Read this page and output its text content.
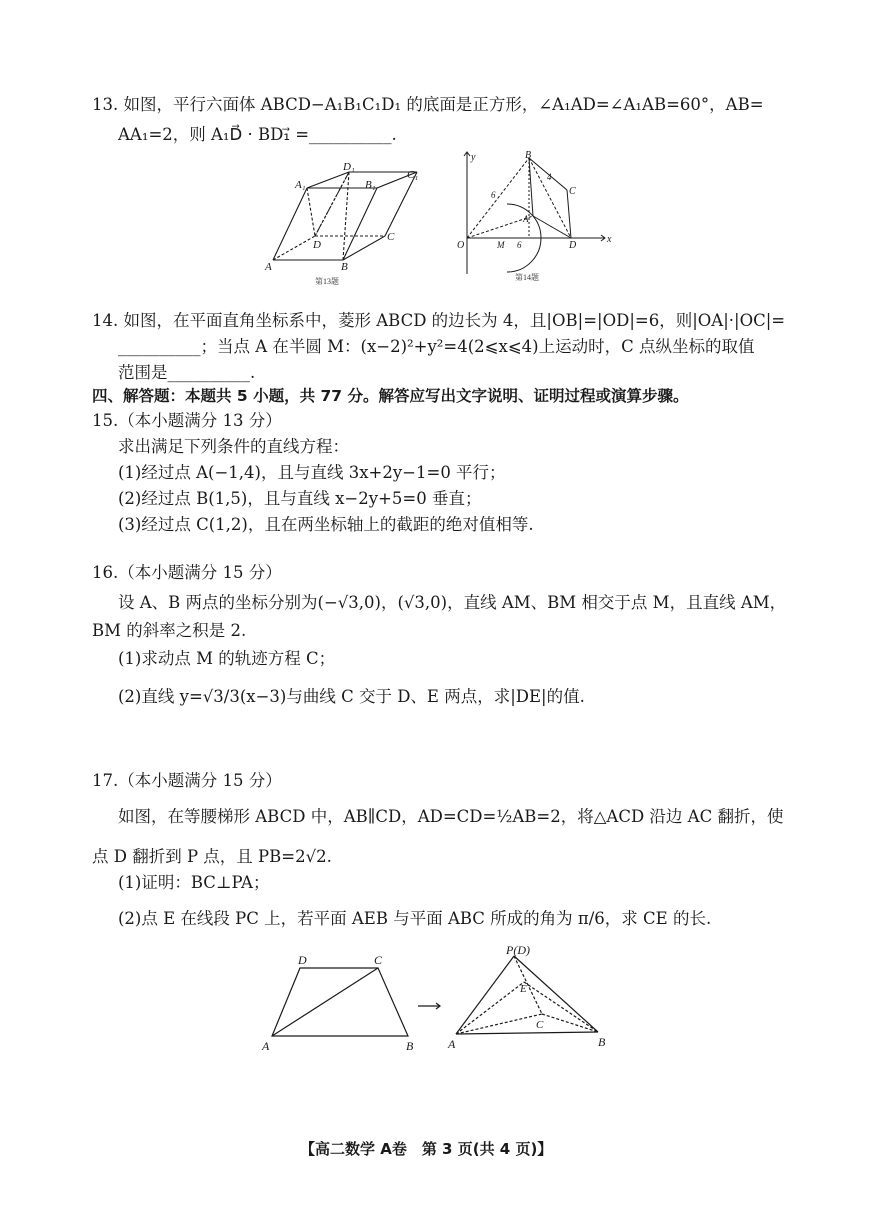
13. 如图，平行六面体 ABCD−A₁B₁C₁D₁ 的底面是正方形，∠A₁AD=∠A₁AB=60°，AB=
AA₁=2，则 A₁D⃗ · BD₁⃗ =__________.
A	B
C
D
A₁	B₁
C₁
D₁
第13题
y
x
O
B
C
D
A
M
6
6
4
第14题
14. 如图，在平面直角坐标系中，菱形 ABCD 的边长为 4，且|OB|=|OD|=6，则|OA|·|OC|=
__________；当点 A 在半圆 M：(x−2)²+y²=4(2⩽x⩽4)上运动时，C 点纵坐标的取值
范围是__________.
四、解答题：本题共 5 小题，共 77 分。解答应写出文字说明、证明过程或演算步骤。
15.（本小题满分 13 分）
求出满足下列条件的直线方程：
(1)经过点 A(−1,4)，且与直线 3x+2y−1=0 平行；
(2)经过点 B(1,5)，且与直线 x−2y+5=0 垂直；
(3)经过点 C(1,2)，且在两坐标轴上的截距的绝对值相等.
16.（本小题满分 15 分）
设 A、B 两点的坐标分别为(−√3,0)，(√3,0)，直线 AM、BM 相交于点 M，且直线 AM，
BM 的斜率之积是 2.
(1)求动点 M 的轨迹方程 C；
(2)直线 y=√3/3(x−3)与曲线 C 交于 D、E 两点，求|DE|的值.
17.（本小题满分 15 分）
如图，在等腰梯形 ABCD 中，AB∥CD，AD=CD=½AB=2，将△ACD 沿边 AC 翻折，使
点 D 翻折到 P 点，且 PB=2√2.
(1)证明：BC⊥PA；
(2)点 E 在线段 PC 上，若平面 AEB 与平面 ABC 所成的角为 π/6，求 CE 的长.
D	C
A	B
P(D)
E
C
A	B
【高二数学 A卷　第 3 页(共 4 页)】
